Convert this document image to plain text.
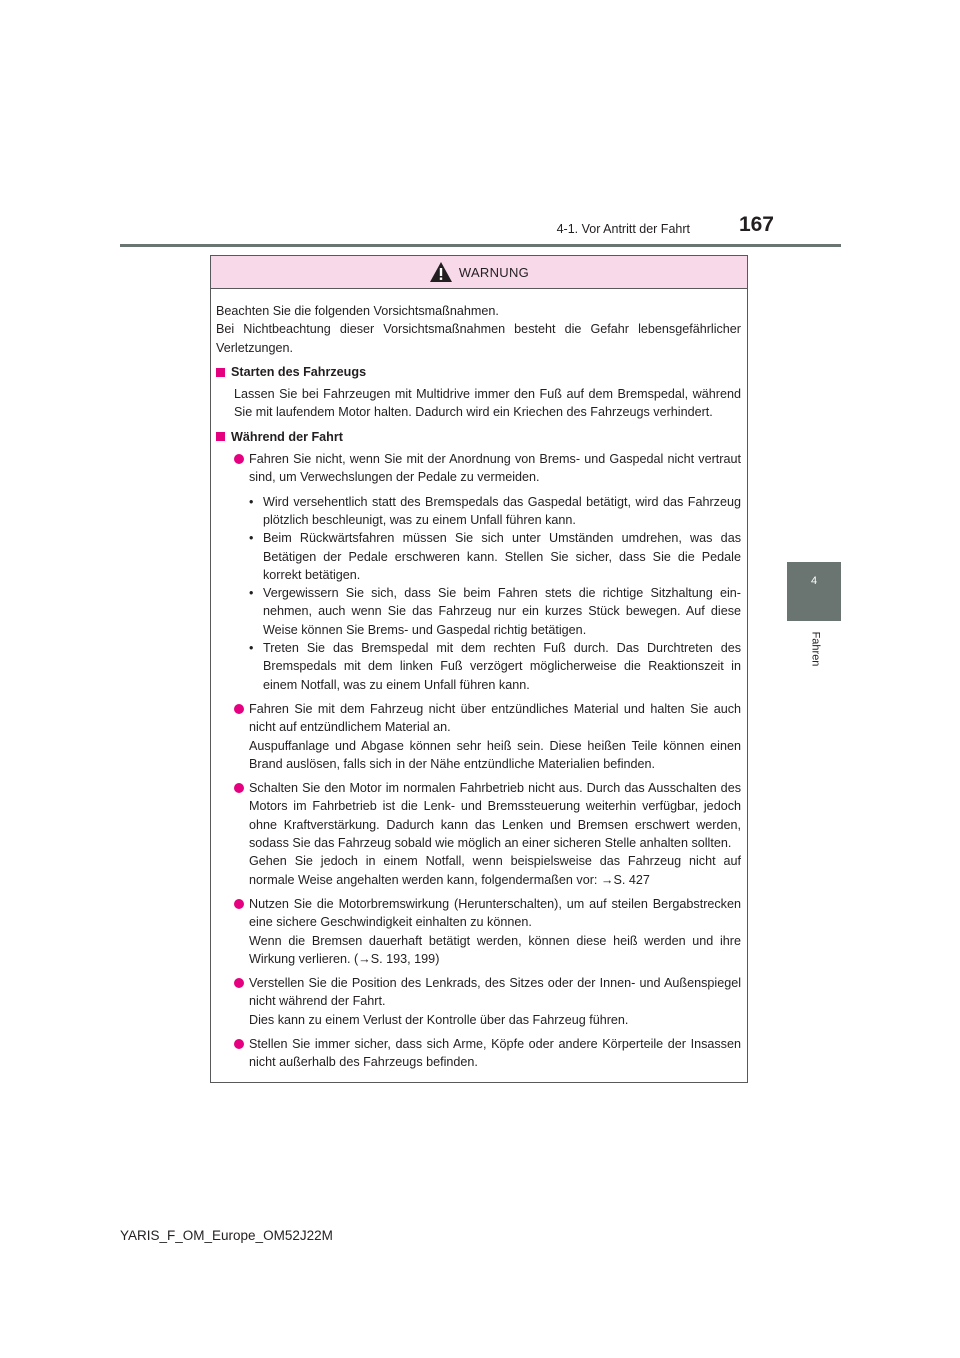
4-1. Vor Antritt der Fahrt	167
4
Fahren
WARNUNG
Beachten Sie die folgenden Vorsichtsmaßnahmen.
Bei Nichtbeachtung dieser Vorsichtsmaßnahmen besteht die Gefahr lebensgefährlicher Verletzungen.
Starten des Fahrzeugs
Lassen Sie bei Fahrzeugen mit Multidrive immer den Fuß auf dem Bremspedal, während Sie mit laufendem Motor halten. Dadurch wird ein Kriechen des Fahrzeugs verhindert.
Während der Fahrt
Fahren Sie nicht, wenn Sie mit der Anordnung von Brems- und Gaspedal nicht vertraut sind, um Verwechslungen der Pedale zu vermeiden.
• Wird versehentlich statt des Bremspedals das Gaspedal betätigt, wird das Fahrzeug plötzlich beschleunigt, was zu einem Unfall führen kann.
• Beim Rückwärtsfahren müssen Sie sich unter Umständen umdrehen, was das Betätigen der Pedale erschweren kann. Stellen Sie sicher, dass Sie die Pedale korrekt betätigen.
• Vergewissern Sie sich, dass Sie beim Fahren stets die richtige Sitzhaltung einnehmen, auch wenn Sie das Fahrzeug nur ein kurzes Stück bewegen. Auf diese Weise können Sie Brems- und Gaspedal richtig betätigen.
• Treten Sie das Bremspedal mit dem rechten Fuß durch. Das Durchtreten des Bremspedals mit dem linken Fuß verzögert möglicherweise die Reaktionszeit in einem Notfall, was zu einem Unfall führen kann.
Fahren Sie mit dem Fahrzeug nicht über entzündliches Material und halten Sie auch nicht auf entzündlichem Material an.
Auspuffanlage und Abgase können sehr heiß sein. Diese heißen Teile können einen Brand auslösen, falls sich in der Nähe entzündliche Materialien befinden.
Schalten Sie den Motor im normalen Fahrbetrieb nicht aus. Durch das Ausschalten des Motors im Fahrbetrieb ist die Lenk- und Bremssteuerung weiterhin verfügbar, jedoch ohne Kraftverstärkung. Dadurch kann das Lenken und Bremsen erschwert werden, sodass Sie das Fahrzeug sobald wie möglich an einer sicheren Stelle anhalten sollten.
Gehen Sie jedoch in einem Notfall, wenn beispielsweise das Fahrzeug nicht auf normale Weise angehalten werden kann, folgendermaßen vor: →S. 427
Nutzen Sie die Motorbremswirkung (Herunterschalten), um auf steilen Bergabstrecken eine sichere Geschwindigkeit einhalten zu können.
Wenn die Bremsen dauerhaft betätigt werden, können diese heiß werden und ihre Wirkung verlieren. (→S. 193, 199)
Verstellen Sie die Position des Lenkrads, des Sitzes oder der Innen- und Außenspiegel nicht während der Fahrt.
Dies kann zu einem Verlust der Kontrolle über das Fahrzeug führen.
Stellen Sie immer sicher, dass sich Arme, Köpfe oder andere Körperteile der Insassen nicht außerhalb des Fahrzeugs befinden.
YARIS_F_OM_Europe_OM52J22M
